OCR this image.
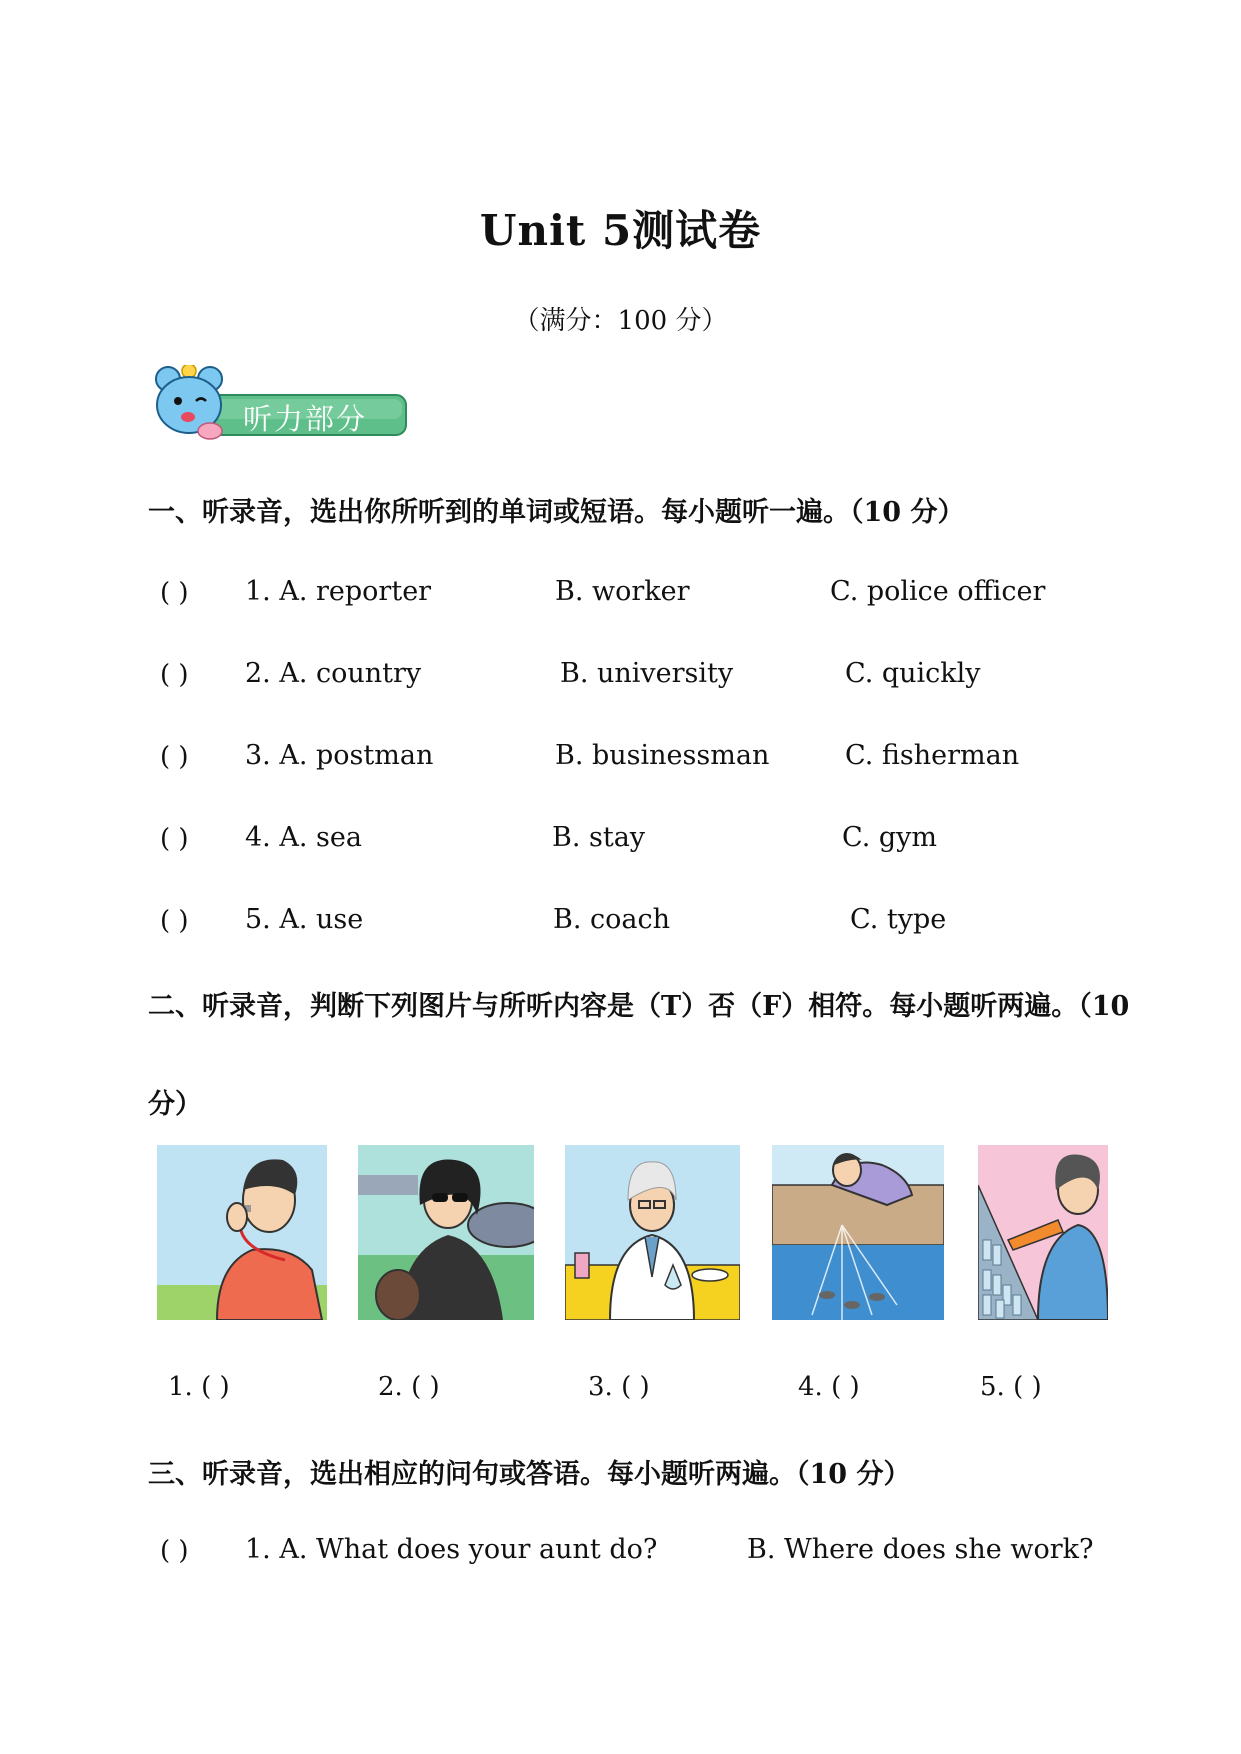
Unit 5测试卷
（满分：100 分）
听力部分
一、听录音，选出你所听到的单词或短语。每小题听一遍。（10 分）
( ) 1. A. reporter	B. worker	C. police officer
( ) 2. A. country	B. university	C. quickly
( ) 3. A. postman	B. businessman	C. fisherman
( ) 4. A. sea	B. stay	C. gym
( ) 5. A. use	B. coach	C. type
二、听录音，判断下列图片与所听内容是（T）否（F）相符。每小题听两遍。（10
分）
1. ( )	2. ( )	3. ( )	4. ( )	5. ( )
三、听录音，选出相应的问句或答语。每小题听两遍。（10 分）
( ) 1. A. What does your aunt do?	B. Where does she work?
